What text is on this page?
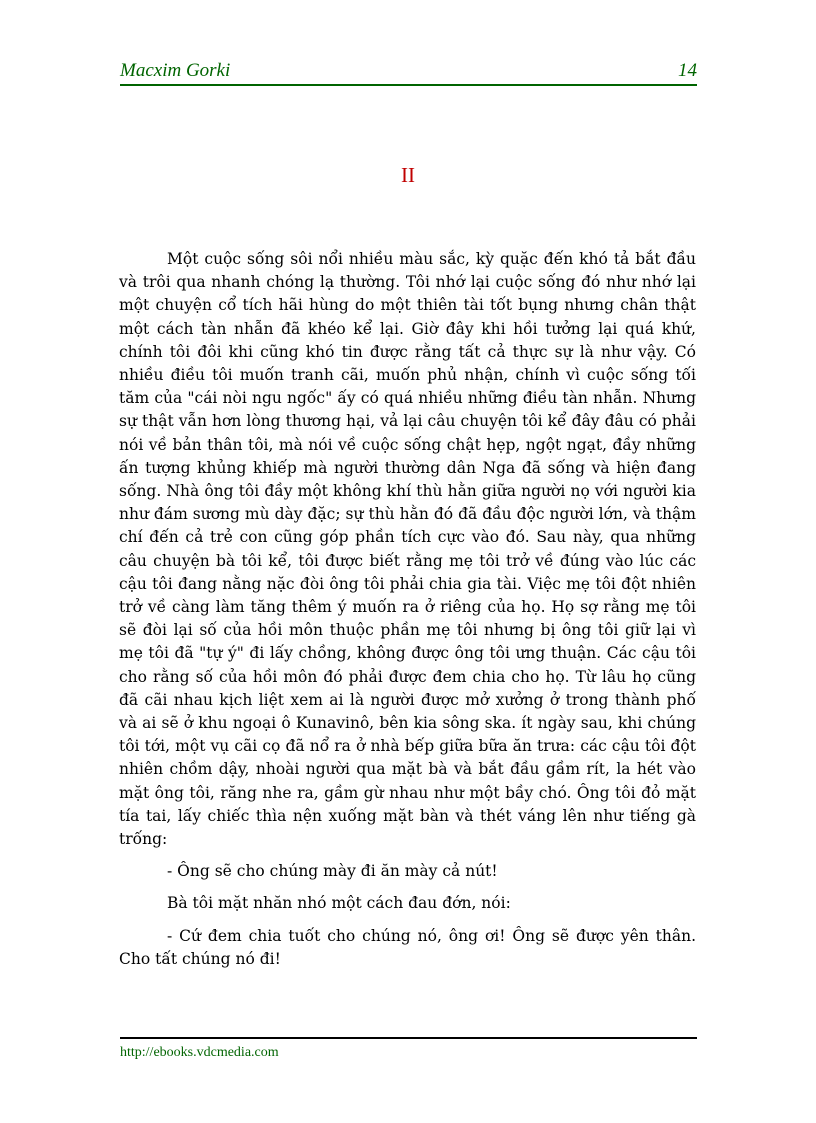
Macxim Gorki	14
II

Một cuộc sống sôi nổi nhiều màu sắc, kỳ quặc đến khó tả bắt đầu và trôi qua nhanh chóng lạ thường. Tôi nhớ lại cuộc sống đó như nhớ lại một chuyện cổ tích hãi hùng do một thiên tài tốt bụng nhưng chân thật một cách tàn nhẫn đã khéo kể lại. Giờ đây khi hồi tưởng lại quá khứ, chính tôi đôi khi cũng khó tin được rằng tất cả thực sự là như vậy. Có nhiều điều tôi muốn tranh cãi, muốn phủ nhận, chính vì cuộc sống tối tăm của "cái nòi ngu ngốc" ấy có quá nhiều những điều tàn nhẫn. Nhưng sự thật vẫn hơn lòng thương hại, vả lại câu chuyện tôi kể đây đâu có phải nói về bản thân tôi, mà nói về cuộc sống chật hẹp, ngột ngạt, đầy những ấn tượng khủng khiếp mà người thường dân Nga đã sống và hiện đang sống. Nhà ông tôi đầy một không khí thù hằn giữa người nọ với người kia như đám sương mù dày đặc; sự thù hằn đó đã đầu độc người lớn, và thậm chí đến cả trẻ con cũng góp phần tích cực vào đó. Sau này, qua những câu chuyện bà tôi kể, tôi được biết rằng mẹ tôi trở về đúng vào lúc các cậu tôi đang nằng nặc đòi ông tôi phải chia gia tài. Việc mẹ tôi đột nhiên trở về càng làm tăng thêm ý muốn ra ở riêng của họ. Họ sợ rằng mẹ tôi sẽ đòi lại số của hồi môn thuộc phần mẹ tôi nhưng bị ông tôi giữ lại vì mẹ tôi đã "tự ý" đi lấy chồng, không được ông tôi ưng thuận. Các cậu tôi cho rằng số của hồi môn đó phải được đem chia cho họ. Từ lâu họ cũng đã cãi nhau kịch liệt xem ai là người được mở xưởng ở trong thành phố và ai sẽ ở khu ngoại ô Kunavinô, bên kia sông ska. ít ngày sau, khi chúng tôi tới, một vụ cãi cọ đã nổ ra ở nhà bếp giữa bữa ăn trưa: các cậu tôi đột nhiên chồm dậy, nhoài người qua mặt bà và bắt đầu gầm rít, la hét vào mặt ông tôi, răng nhe ra, gầm gừ nhau như một bầy chó. Ông tôi đỏ mặt tía tai, lấy chiếc thìa nện xuống mặt bàn và thét váng lên như tiếng gà trống:

- Ông sẽ cho chúng mày đi ăn mày cả nút!

Bà tôi mặt nhăn nhó một cách đau đớn, nói:

- Cứ đem chia tuốt cho chúng nó, ông ơi! Ông sẽ được yên thân. Cho tất chúng nó đi!

http://ebooks.vdcmedia.com
